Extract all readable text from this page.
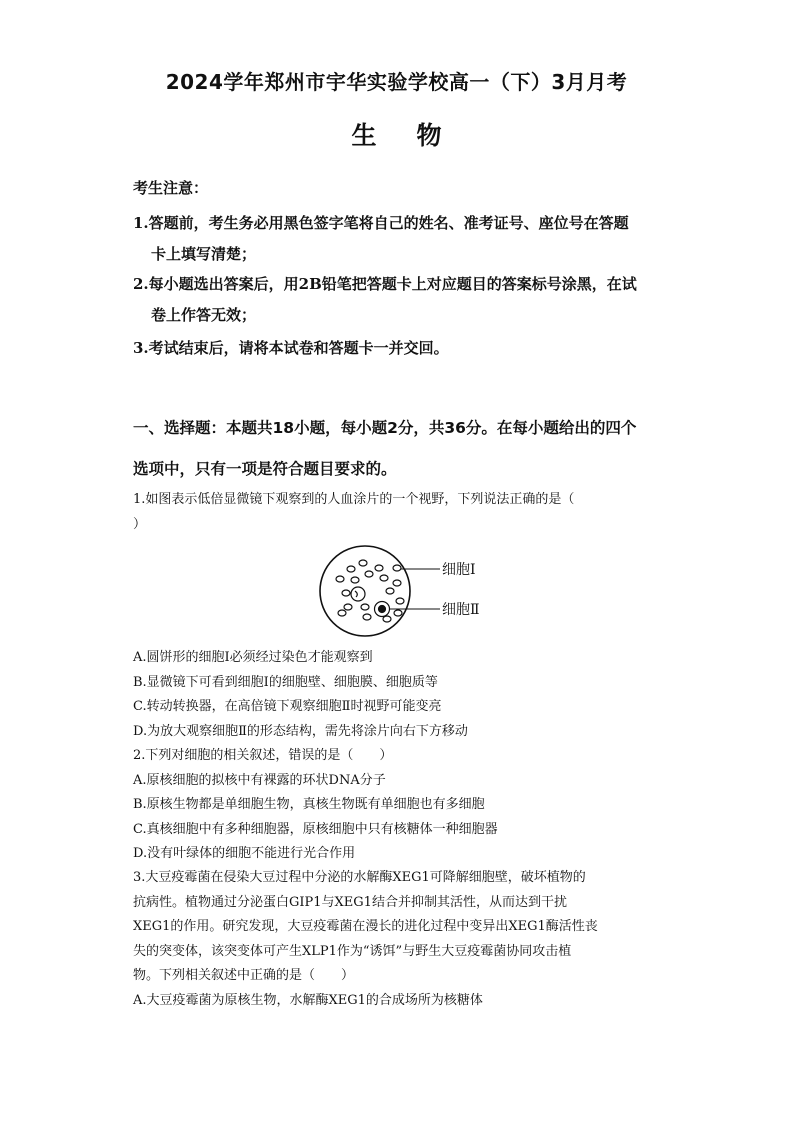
2024学年郑州市宇华实验学校高一（下）3月月考
生物
考生注意：
1.答题前，考生务必用黑色签字笔将自己的姓名、准考证号、座位号在答题
卡上填写清楚；
2.每小题选出答案后，用2B铅笔把答题卡上对应题目的答案标号涂黑，在试
卷上作答无效；
3.考试结束后，请将本试卷和答题卡一并交回。
一、选择题：本题共18小题，每小题2分，共36分。在每小题给出的四个
选项中，只有一项是符合题目要求的。
1.如图表示低倍显微镜下观察到的人血涂片的一个视野，下列说法正确的是（
）
细胞Ⅰ
细胞Ⅱ
A.圆饼形的细胞Ⅰ必须经过染色才能观察到
B.显微镜下可看到细胞Ⅰ的细胞壁、细胞膜、细胞质等
C.转动转换器，在高倍镜下观察细胞Ⅱ时视野可能变亮
D.为放大观察细胞Ⅱ的形态结构，需先将涂片向右下方移动
2.下列对细胞的相关叙述，错误的是（　　）
A.原核细胞的拟核中有裸露的环状DNA分子
B.原核生物都是单细胞生物，真核生物既有单细胞也有多细胞
C.真核细胞中有多种细胞器，原核细胞中只有核糖体一种细胞器
D.没有叶绿体的细胞不能进行光合作用
3.大豆疫霉菌在侵染大豆过程中分泌的水解酶XEG1可降解细胞壁，破坏植物的
抗病性。植物通过分泌蛋白GIP1与XEG1结合并抑制其活性，从而达到干扰
XEG1的作用。研究发现，大豆疫霉菌在漫长的进化过程中变异出XEG1酶活性丧
失的突变体，该突变体可产生XLP1作为“诱饵”与野生大豆疫霉菌协同攻击植
物。下列相关叙述中正确的是（　　）
A.大豆疫霉菌为原核生物，水解酶XEG1的合成场所为核糖体
